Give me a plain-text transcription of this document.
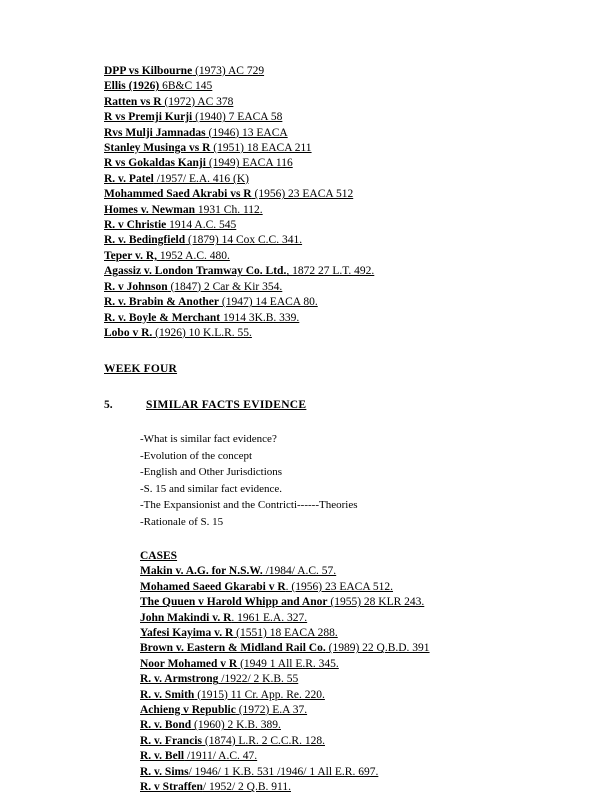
DPP vs Kilbourne (1973) AC 729
Ellis (1926) 6B&C 145
Ratten vs R (1972) AC 378
R vs Premji Kurji (1940) 7 EACA 58
Rvs Mulji Jamnadas (1946) 13 EACA
Stanley Musinga vs R (1951) 18 EACA 211
R vs Gokaldas Kanji (1949) EACA 116
R. v. Patel /1957/ E.A. 416 (K)
Mohammed Saed Akrabi vs R (1956) 23 EACA 512
Homes v. Newman 1931 Ch. 112.
R. v Christie 1914 A.C. 545
R. v. Bedingfield (1879) 14 Cox C.C. 341.
Teper v. R, 1952 A.C. 480.
Agassiz v. London Tramway Co. Ltd., 1872 27 L.T. 492.
R. v Johnson (1847) 2 Car & Kir 354.
R. v. Brabin & Another (1947) 14 EACA 80.
R. v. Boyle & Merchant 1914 3K.B. 339.
Lobo v R. (1926) 10 K.L.R. 55.
WEEK FOUR
5.	SIMILAR FACTS EVIDENCE
-What is similar fact evidence?
-Evolution of the concept
-English and Other Jurisdictions
-S. 15 and similar fact evidence.
-The Expansionist and the Contricti------Theories
-Rationale of S. 15
CASES
Makin v. A.G. for N.S.W. /1984/ A.C. 57.
Mohamed Saeed Gkarabi v R. (1956) 23 EACA 512.
The Quuen v Harold Whipp and Anor (1955) 28 KLR 243.
John Makindi v. R. 1961 E.A. 327.
Yafesi Kayima v. R (1551) 18 EACA 288.
Brown v. Eastern & Midland Rail Co. (1989) 22 Q.B.D. 391
Noor Mohamed v R (1949 1 All E.R. 345.
R. v. Armstrong /1922/ 2 K.B. 55
R. v. Smith (1915) 11 Cr. App. Re. 220.
Achieng v Republic (1972) E.A 37.
R. v. Bond (1960) 2 K.B. 389.
R. v. Francis (1874) L.R. 2 C.C.R. 128.
R. v. Bell /1911/ A.C. 47.
R. v. Sims/ 1946/ 1 K.B. 531 /1946/ 1 All E.R. 697.
R. v Straffen/ 1952/ 2 Q.B. 911.
